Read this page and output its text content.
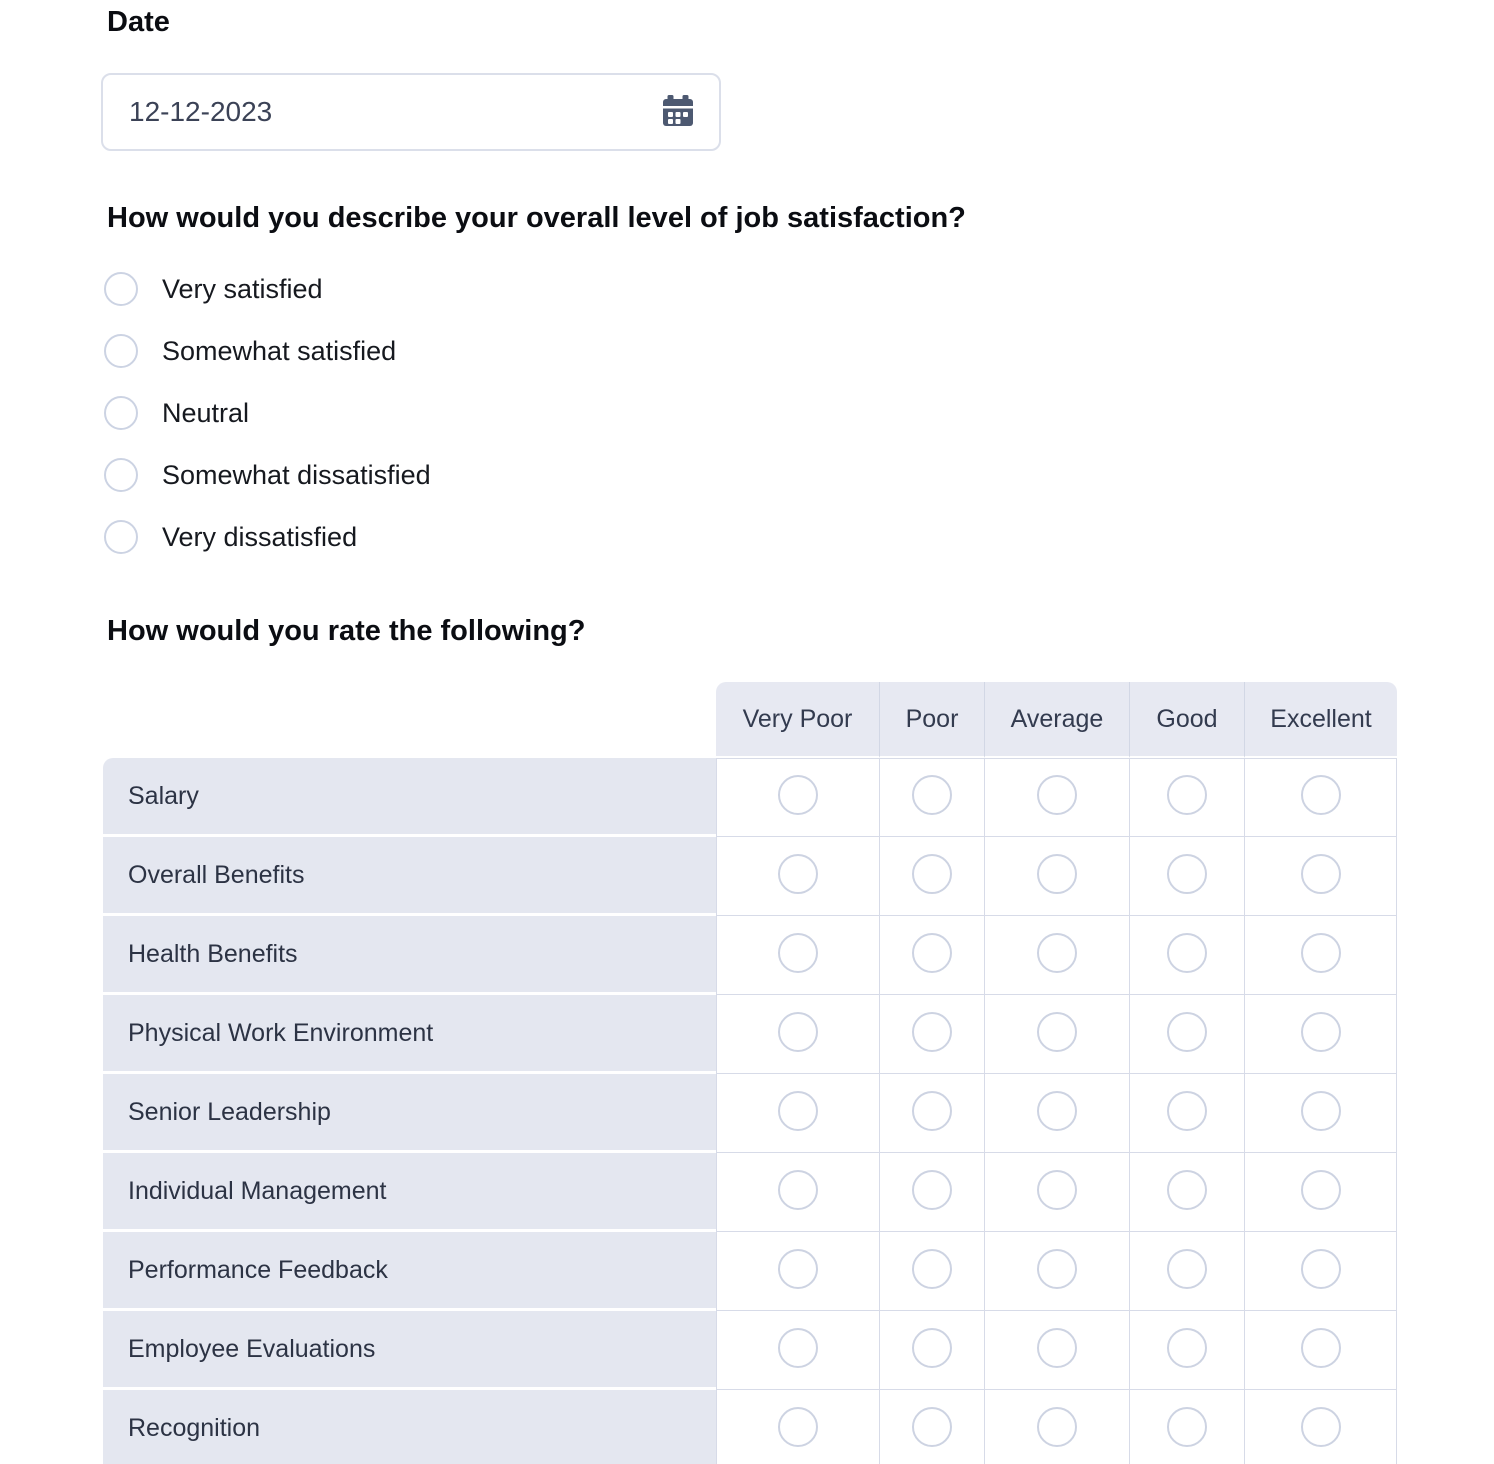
Date
12-12-2023
How would you describe your overall level of job satisfaction?
Very satisfied
Somewhat satisfied
Neutral
Somewhat dissatisfied
Very dissatisfied
How would you rate the following?
	Very Poor	Poor	Average	Good	Excellent
Salary					
Overall Benefits					
Health Benefits					
Physical Work Environment					
Senior Leadership					
Individual Management					
Performance Feedback					
Employee Evaluations					
Recognition					
